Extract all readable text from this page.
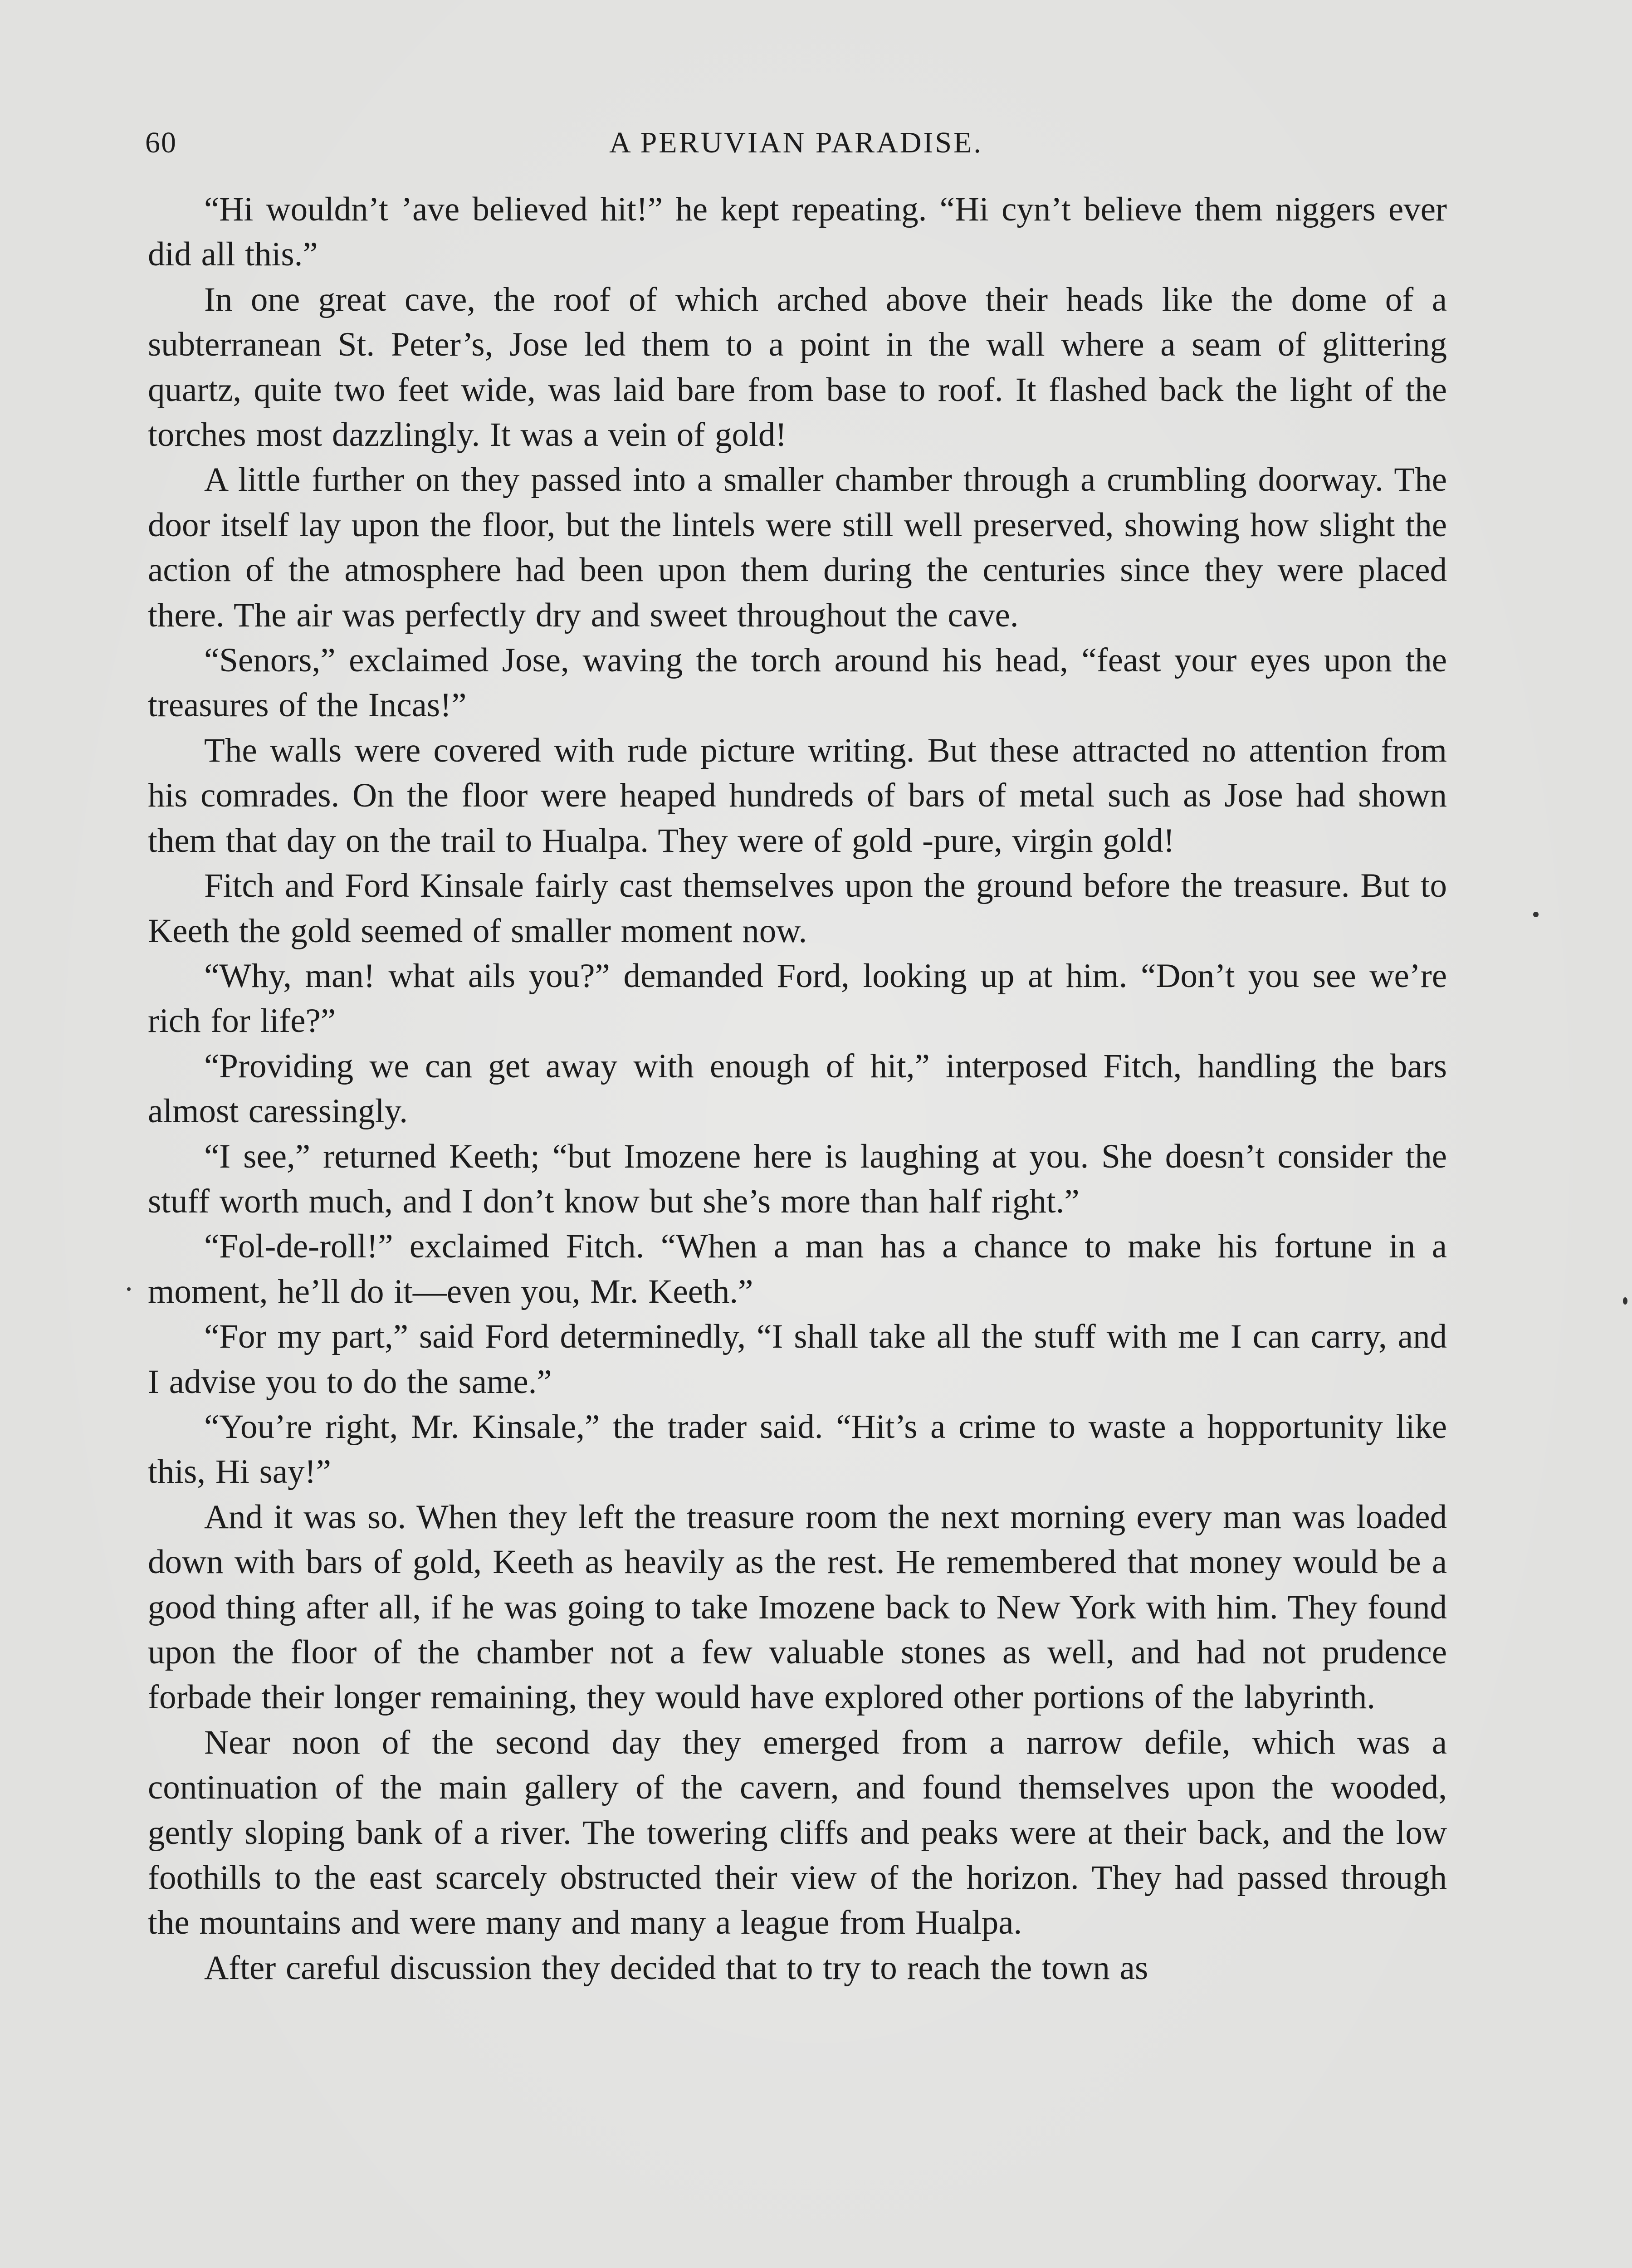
60	A PERUVIAN PARADISE.

“Hi wouldn’t ’ave believed hit!” he kept repeating. “Hi cyn’t believe them niggers ever did all this.”

In one great cave, the roof of which arched above their heads like the dome of a subterranean St. Peter’s, Jose led them to a point in the wall where a seam of glittering quartz, quite two feet wide, was laid bare from base to roof. It flashed back the light of the torches most dazzlingly. It was a vein of gold!

A little further on they passed into a smaller chamber through a crumbling doorway. The door itself lay upon the floor, but the lintels were still well preserved, showing how slight the action of the atmosphere had been upon them during the centuries since they were placed there. The air was perfectly dry and sweet throughout the cave.

“Senors,” exclaimed Jose, waving the torch around his head, “feast your eyes upon the treasures of the Incas!”

The walls were covered with rude picture writing. But these attracted no attention from his comrades. On the floor were heaped hundreds of bars of metal such as Jose had shown them that day on the trail to Hualpa. They were of gold -pure, virgin gold!

Fitch and Ford Kinsale fairly cast themselves upon the ground before the treasure. But to Keeth the gold seemed of smaller moment now.

“Why, man! what ails you?” demanded Ford, looking up at him. “Don’t you see we’re rich for life?”

“Providing we can get away with enough of hit,” interposed Fitch, handling the bars almost caressingly.

“I see,” returned Keeth; “but Imozene here is laughing at you. She doesn’t consider the stuff worth much, and I don’t know but she’s more than half right.”

“Fol-de-roll!” exclaimed Fitch. “When a man has a chance to make his fortune in a moment, he’ll do it—even you, Mr. Keeth.”

“For my part,” said Ford determinedly, “I shall take all the stuff with me I can carry, and I advise you to do the same.”

“You’re right, Mr. Kinsale,” the trader said. “Hit’s a crime to waste a hopportunity like this, Hi say!”

And it was so. When they left the treasure room the next morning every man was loaded down with bars of gold, Keeth as heavily as the rest. He remembered that money would be a good thing after all, if he was going to take Imozene back to New York with him. They found upon the floor of the chamber not a few valuable stones as well, and had not prudence forbade their longer remaining, they would have explored other portions of the labyrinth.

Near noon of the second day they emerged from a narrow defile, which was a continuation of the main gallery of the cavern, and found themselves upon the wooded, gently sloping bank of a river. The towering cliffs and peaks were at their back, and the low foothills to the east scarcely obstructed their view of the horizon. They had passed through the mountains and were many and many a league from Hualpa.

After careful discussion they decided that to try to reach the town as
